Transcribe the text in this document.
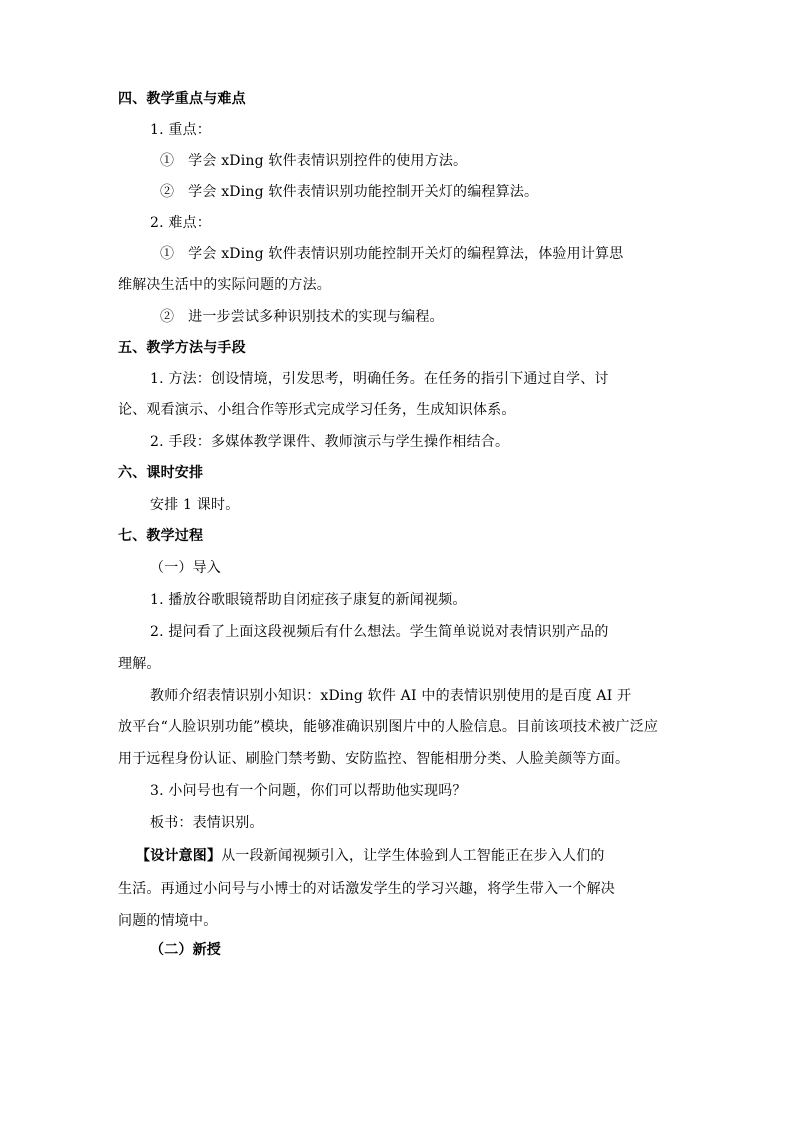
四、教学重点与难点
1. 重点：
①   学会 xDing 软件表情识别控件的使用方法。
②   学会 xDing 软件表情识别功能控制开关灯的编程算法。
2. 难点：
①   学会 xDing 软件表情识别功能控制开关灯的编程算法，体验用计算思
维解决生活中的实际问题的方法。
②   进一步尝试多种识别技术的实现与编程。
五、教学方法与手段
1. 方法：创设情境，引发思考，明确任务。在任务的指引下通过自学、讨
论、观看演示、小组合作等形式完成学习任务，生成知识体系。
2. 手段：多媒体教学课件、教师演示与学生操作相结合。
六、课时安排
安排 1 课时。
七、教学过程
（一）导入
1. 播放谷歌眼镜帮助自闭症孩子康复的新闻视频。
2. 提问看了上面这段视频后有什么想法。学生简单说说对表情识别产品的
理解。
教师介绍表情识别小知识：xDing 软件 AI 中的表情识别使用的是百度 AI 开
放平台“人脸识别功能”模块，能够准确识别图片中的人脸信息。目前该项技术被广泛应
用于远程身份认证、刷脸门禁考勤、安防监控、智能相册分类、人脸美颜等方面。
3. 小问号也有一个问题，你们可以帮助他实现吗？
板书：表情识别。
【设计意图】从一段新闻视频引入，让学生体验到人工智能正在步入人们的
生活。再通过小问号与小博士的对话激发学生的学习兴趣，将学生带入一个解决
问题的情境中。
（二）新授
